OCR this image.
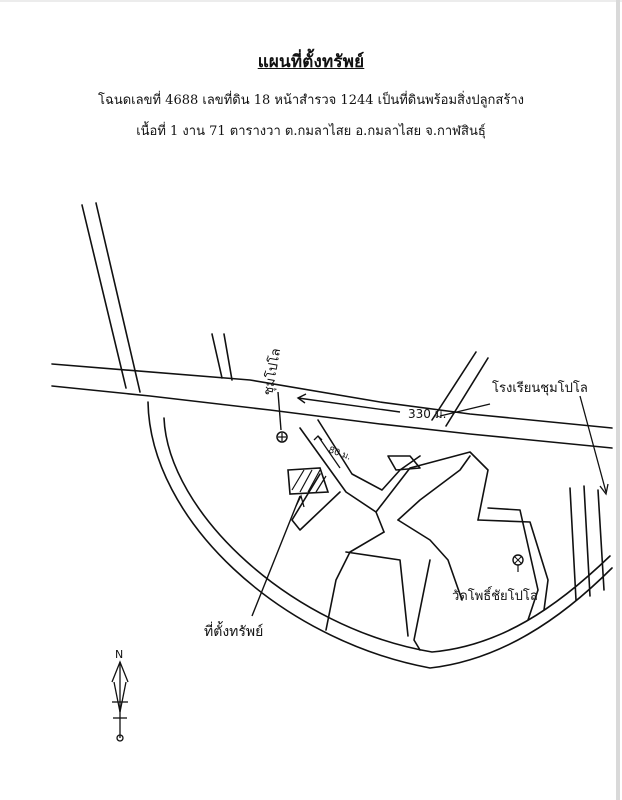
แผนที่ตั้งทรัพย์
โฉนดเลขที่ 4688 เลขที่ดิน 18 หน้าสำรวจ 1244 เป็นที่ดินพร้อมสิ่งปลูกสร้าง
เนื้อที่ 1 งาน 71 ตารางวา ต.กมลาไสย อ.กมลาไสย จ.กาฬสินธุ์
330 ม.
80 ม.
ชุมโปโล	โรงเรียนชุมโปโล
วัดโพธิ์ชัยโปโล
ที่ตั้งทรัพย์
N
